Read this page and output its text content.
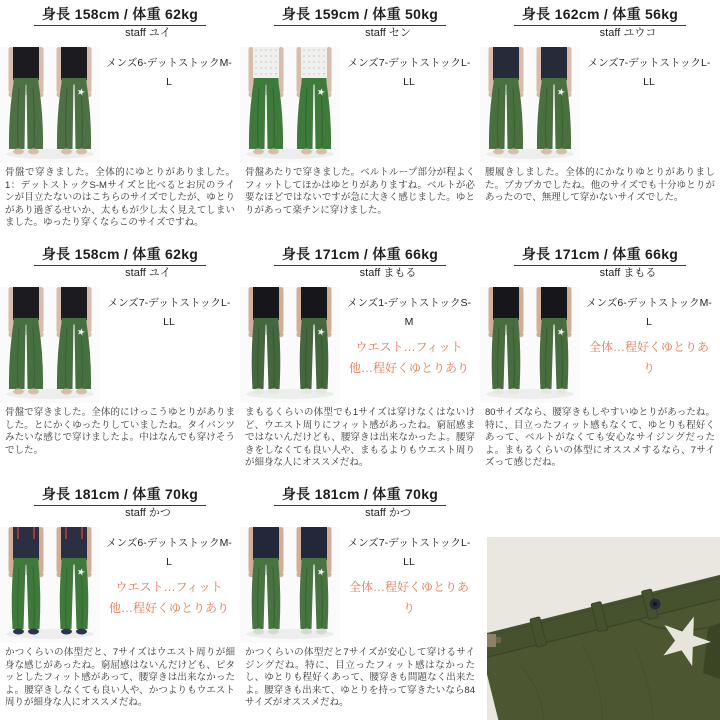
身長 158cm / 体重 62kg
staff ユイ
メンズ6-デットストックM-L

骨盤で穿きました。全体的にゆとりがありました。1：デットストックS-Mサイズと比べるとお尻のラインが目立たないのはこちらのサイズでしたが、ゆとりがあり過ぎるせいか、太ももが少し太く見えてしまいました。ゆったり穿くならこのサイズですね。

身長 159cm / 体重 50kg
staff セン
メンズ7-デットストックL-LL

骨盤あたりで穿きました。ベルトループ部分が程よくフィットしてほかはゆとりがありますね。ベルトが必要なほどではないですが急に大きく感じました。ゆとりがあって楽チンに穿けました。

身長 162cm / 体重 56kg
staff ユウコ
メンズ7-デットストックL-LL

腰履きしました。全体的にかなりゆとりがありました。ブカブカでしたね。他のサイズでも十分ゆとりがあったので、無理して穿かないサイズでした。

身長 158cm / 体重 62kg
staff ユイ
メンズ7-デットストックL-LL

骨盤で穿きました。全体的にけっこうゆとりがありました。とにかくゆったりしていましたね。タイパンツみたいな感じで穿けましたよ。中はなんでも穿けそうでした。

身長 171cm / 体重 66kg
staff まもる
メンズ1-デットストックS-M
ウエスト…フィット
他…程好くゆとりあり

まもるくらいの体型でも1サイズは穿けなくはないけど、ウエスト周りにフィット感があったね。窮屈感まではないんだけども、腰穿きは出来なかったよ。腰穿きをしなくても良い人や、まもるよりもウエスト周りが細身な人にオススメだね。

身長 171cm / 体重 66kg
staff まもる
メンズ6-デットストックM-L
全体…程好くゆとりあり

80サイズなら、腰穿きもしやすいゆとりがあったね。特に、目立ったフィット感もなくて、ゆとりも程好くあって、ベルトがなくても安心なサイジングだったよ。まもるくらいの体型にオススメするなら、7サイズって感じだね。

身長 181cm / 体重 70kg
staff かつ
メンズ6-デットストックM-L
ウエスト…フィット
他…程好くゆとりあり

かつくらいの体型だと、7サイズはウエスト周りが細身な感じがあったね。窮屈感はないんだけども、ピタッとしたフィット感があって、腰穿きは出来なかったよ。腰穿きしなくても良い人や、かつよりもウエスト周りが細身な人にオススメだね。

身長 181cm / 体重 70kg
staff かつ
メンズ7-デットストックL-LL
全体…程好くゆとりあり

かつくらいの体型だと7サイズが安心して穿けるサイジングだね。特に、目立ったフィット感はなかったし、ゆとりも程好くあって、腰穿きも問題なく出来たよ。腰穿きも出来て、ゆとりを持って穿きたいなら84サイズがオススメだね。
